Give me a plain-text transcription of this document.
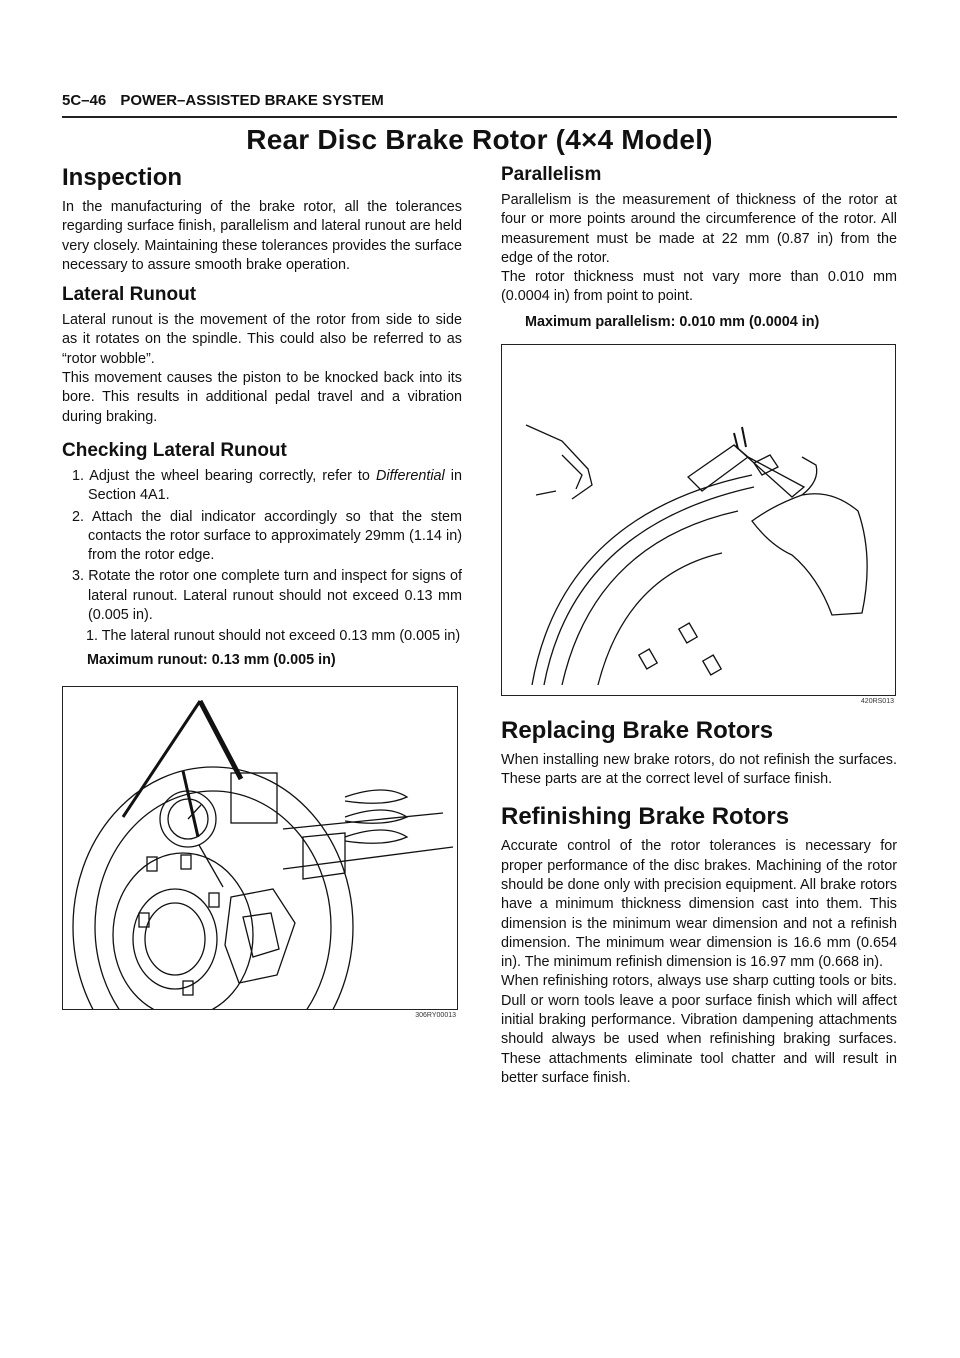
5C–46 POWER–ASSISTED BRAKE SYSTEM
Rear Disc Brake Rotor (4×4 Model)
Inspection

In the manufacturing of the brake rotor, all the tolerances regarding surface finish, parallelism and lateral runout are held very closely. Maintaining these tolerances provides the surface necessary to assure smooth brake operation.

Lateral Runout

Lateral runout is the movement of the rotor from side to side as it rotates on the spindle. This could also be referred to as “rotor wobble”.

This movement causes the piston to be knocked back into its bore. This results in additional pedal travel and a vibration during braking.

Checking Lateral Runout
1. Adjust the wheel bearing correctly, refer to Differential in Section 4A1.
2. Attach the dial indicator accordingly so that the stem contacts the rotor surface to approximately 29mm (1.14 in) from the rotor edge.
3. Rotate the rotor one complete turn and inspect for signs of lateral runout. Lateral runout should not exceed 0.13 mm (0.005 in).
1. The lateral runout should not exceed 0.13 mm (0.005 in)
Maximum runout: 0.13 mm (0.005 in)
306RY00013
Parallelism

Parallelism is the measurement of thickness of the rotor at four or more points around the circumference of the rotor. All measurement must be made at 22 mm (0.87 in) from the edge of the rotor.

The rotor thickness must not vary more than 0.010 mm (0.0004 in) from point to point.

Maximum parallelism: 0.010 mm (0.0004 in)
420RS013
Replacing Brake Rotors

When installing new brake rotors, do not refinish the surfaces. These parts are at the correct level of surface finish.

Refinishing Brake Rotors

Accurate control of the rotor tolerances is necessary for proper performance of the disc brakes. Machining of the rotor should be done only with precision equipment. All brake rotors have a minimum thickness dimension cast into them. This dimension is the minimum wear dimension and not a refinish dimension. The minimum wear dimension is 16.6 mm (0.654 in). The minimum refinish dimension is 16.97 mm (0.668 in).

When refinishing rotors, always use sharp cutting tools or bits. Dull or worn tools leave a poor surface finish which will affect initial braking performance. Vibration dampening attachments should always be used when refinishing braking surfaces. These attachments eliminate tool chatter and will result in better surface finish.
